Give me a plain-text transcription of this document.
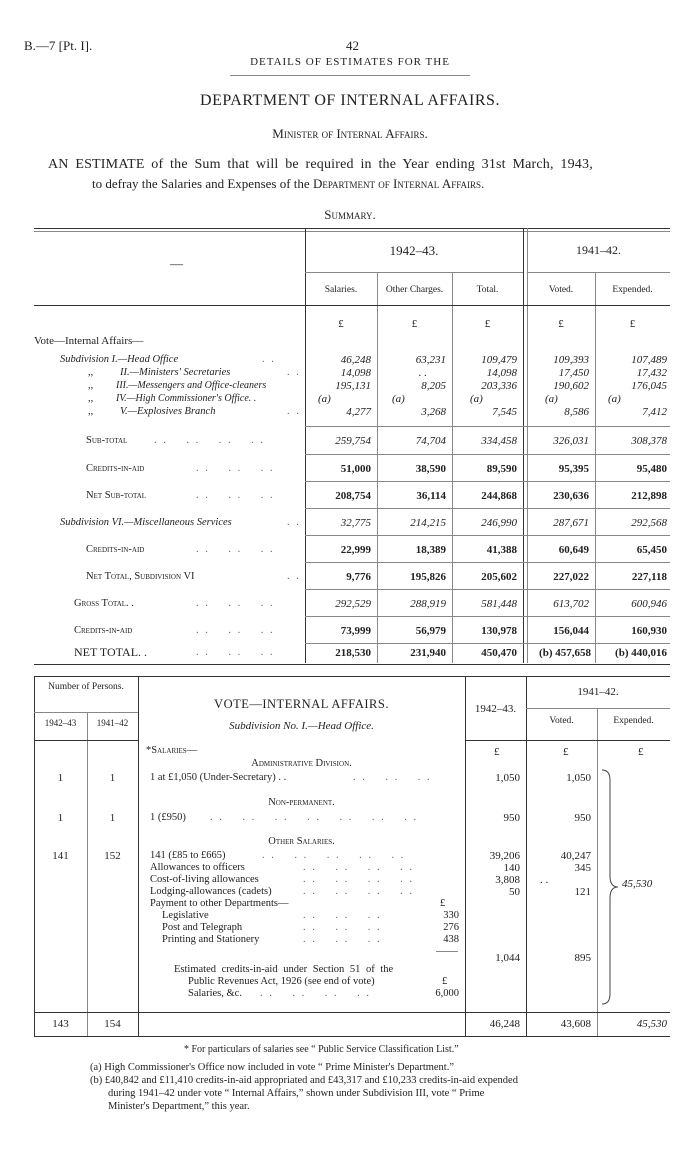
B.—7 [Pt. I].	42
DETAILS OF ESTIMATES FOR THE
DEPARTMENT OF INTERNAL AFFAIRS.
Minister of Internal Affairs.
AN ESTIMATE of the Sum that will be required in the Year ending 31st March, 1943,
to defray the Salaries and Expenses of the Department of Internal Affairs.
Summary.
—
1942–43.	1941–42.
Salaries.	Other Charges.	Total.	Voted.	Expended.
£	£	£	£	£
Vote—Internal Affairs—
Subdivision I.—Head Office	. .	46,248	63,231	109,479	109,393	107,489
,,	II.—Ministers' Secretaries	. .	14,098	. .	14,098	17,450	17,432
,, III.—Messengers and Office-cleaners	195,131	8,205	203,336	190,602	176,045
,, IV.—High Commissioner's Office. .	(a)	(a)	(a)	(a)	(a)
,,	V.—Explosives Branch	. .	4,277	3,268	7,545	8,586	7,412
Sub-total	. .    . .    . .    . .	259,754	74,704	334,458	326,031	308,378
Credits-in-aid	. .    . .    . .	51,000	38,590	89,590	95,395	95,480
Net Sub-total	. .    . .    . .	208,754	36,114	244,868	230,636	212,898
Subdivision VI.—Miscellaneous Services	. .	32,775	214,215	246,990	287,671	292,568
Credits-in-aid	. .    . .    . .	22,999	18,389	41,388	60,649	65,450
Net Total, Subdivision VI	. .	9,776	195,826	205,602	227,022	227,118
Gross Total. .	. .    . .    . .	292,529	288,919	581,448	613,702	600,946
Credits-in-aid	. .    . .    . .	73,999	56,979	130,978	156,044	160,930
NET TOTAL. .	. .    . .    . .	218,530	231,940	450,470	(b) 457,658	(b) 440,016
Number of Persons.
1942–43	1941–42
VOTE—INTERNAL AFFAIRS.
Subdivision No. I.—Head Office.
1942–43.
1941–42.
Voted.	Expended.
*Salaries—	£	£	£
Administrative Division.
1	1	1 at £1,050 (Under-Secretary) . .	. .    . .    . .	1,050	1,050
Non-permanent.
1	1	1 (£950) . .    . .    . .    . .    . .    . .    . .	950	950
Other Salaries.
141	152	141 (£85 to £665)	. .    . .    . .    . .    . .	39,206	40,247
Allowances to officers	. .    . .    . .    . .	140	345
Cost-of-living allowances	. .    . .    . .    . .	3,808 . .
Lodging-allowances (cadets)	. .    . .    . .    . .	50	121
Payment to other Departments—	£
Legislative	. .    . .    . .	330
Post and Telegraph	. .    . .    . .	276
Printing and Stationery	. .    . .    . .	438
1,044	895
Estimated credits-in-aid under Section 51 of the
Public Revenues Act, 1926 (see end of vote)	£
Salaries, &c. . .    . .    . .    . .	6,000
45,530
143	154	46,248	43,608	45,530
* For particulars of salaries see “ Public Service Classification List.”
(a) High Commissioner's Office now included in vote “ Prime Minister's Department.”
(b) £40,842 and £11,410 credits-in-aid appropriated and £43,317 and £10,233 credits-in-aid expended
during 1941–42 under vote “ Internal Affairs,” shown under Subdivision III, vote “ Prime
Minister's Department,” this year.
